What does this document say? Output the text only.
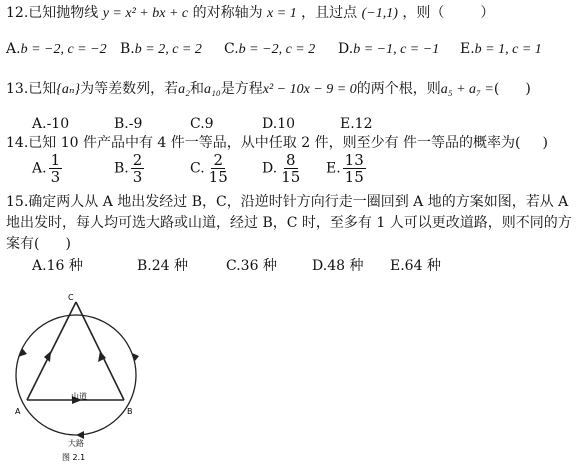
12.已知抛物线 y = x² + bx + c 的对称轴为 x = 1 ，且过点 (−1,1) ，则（	）
A.b = −2, c = −2 B.b = 2, c = 2 C.b = −2, c = 2 D.b = −1, c = −1 E.b = 1, c = 1
13.已知{aₙ}为等差数列，若a₂和a₁₀是方程x² − 10x − 9 = 0的两个根，则a₅ + a₇ =( )
A.-10	B.-9	C.9	D.10	E.12
14.已知 10 件产品中有 4 件一等品，从中任取 2 件，则至少有 件一等品的概率为( )
A. $\frac{1}{3}$	B. $\frac{2}{3}$	C. $\frac{2}{15} D$. $\frac{8}{15} E$. $\frac{13}{15}$
15.确定两人从 A 地出发经过 B，C，沿逆时针方向行走一圈回到 A 地的方案如图，若从 A
地出发时，每人均可选大路或山道，经过 B，C 时，至多有 1 人可以更改道路，则不同的方
案有( )
A.16 种	B.24 种	C.36 种	D.48 种 E.64 种
A	B
C
山道
大路
图 2.1
